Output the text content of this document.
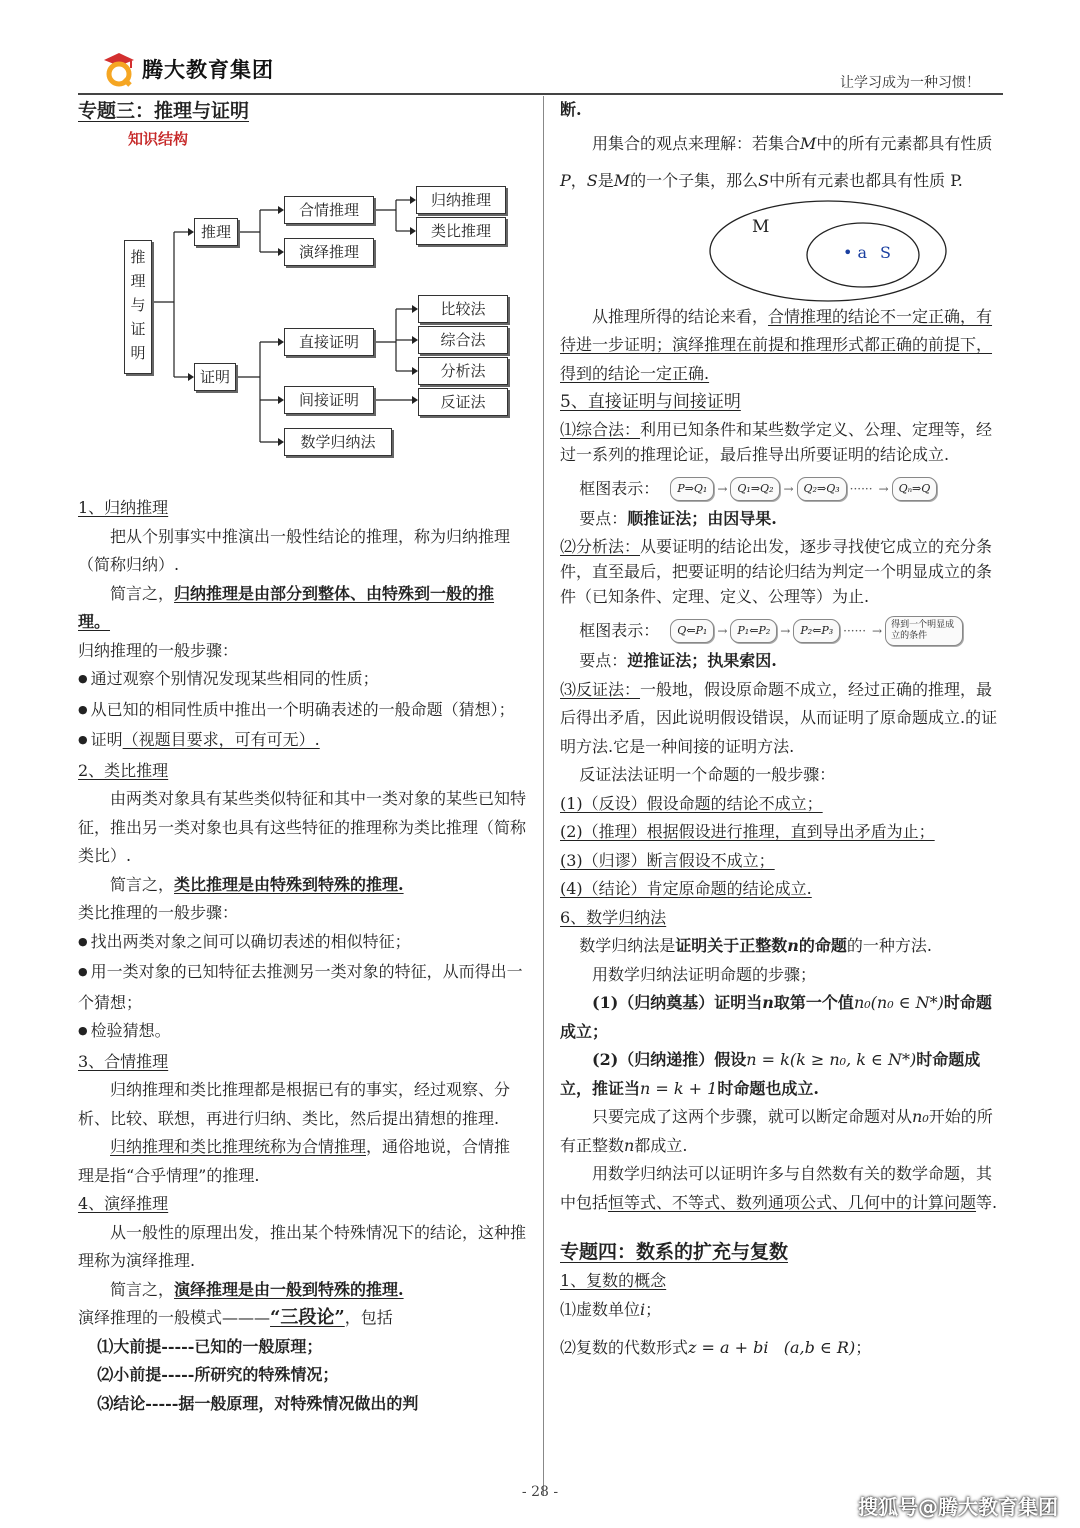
腾大教育集团
让学习成为一种习惯！
专题三：推理与证明
知识结构
推理与证明
推理
合情推理
演绎推理
归纳推理
类比推理
证明
直接证明
间接证明
数学归纳法
比较法
综合法
分析法
反证法

1、归纳推理

把从个别事实中推演出一般性结论的推理，称为归纳推理（简称归纳）.

简言之，归纳推理是由部分到整体、由特殊到一般的推理。

归纳推理的一般步骤：

● 通过观察个别情况发现某些相同的性质；

● 从已知的相同性质中推出一个明确表述的一般命题（猜想）；

● 证明（视题目要求，可有可无）.

2、类比推理

由两类对象具有某些类似特征和其中一类对象的某些已知特征，推出另一类对象也具有这些特征的推理称为类比推理（简称类比）.

简言之，类比推理是由特殊到特殊的推理.

类比推理的一般步骤：

● 找出两类对象之间可以确切表述的相似特征；

● 用一类对象的已知特征去推测另一类对象的特征，从而得出一个猜想；

● 检验猜想。

3、合情推理

归纳推理和类比推理都是根据已有的事实，经过观察、分析、比较、联想，再进行归纳、类比，然后提出猜想的推理.

归纳推理和类比推理统称为合情推理，通俗地说，合情推理是指“合乎情理”的推理.

4、演绎推理

从一般性的原理出发，推出某个特殊情况下的结论，这种推理称为演绎推理.

简言之，演绎推理是由一般到特殊的推理.

演绎推理的一般模式———“三段论”，包括

⑴大前提-----已知的一般原理；

⑵小前提-----所研究的特殊情况；

⑶结论-----据一般原理，对特殊情况做出的判

断.

用集合的观点来理解：若集合M中的所有元素都具有性质P，S是M的一个子集，那么S中所有元素也都具有性质 P.

M
• a S

从推理所得的结论来看，合情推理的结论不一定正确，有待进一步证明；演绎推理在前提和推理形式都正确的前提下，得到的结论一定正确.

5、直接证明与间接证明

⑴综合法：利用已知条件和某些数学定义、公理、定理等，经过一系列的推理论证，最后推导出所要证明的结论成立.

框图表示：	P⇒Q₁ → Q₁⇒Q₂ → Q₂⇒Q₃ ······ → Qₙ⇒Q

要点：顺推证法；由因导果.

⑵分析法：从要证明的结论出发，逐步寻找使它成立的充分条件，直至最后，把要证明的结论归结为判定一个明显成立的条件（已知条件、定理、定义、公理等）为止.

框图表示：	Q⇐P₁ → P₁⇐P₂ → P₂⇐P₃ ······ →	得到一个明显成立的条件

要点：逆推证法；执果索因.

⑶反证法：一般地，假设原命题不成立，经过正确的推理，最后得出矛盾，因此说明假设错误，从而证明了原命题成立.的证明方法.它是一种间接的证明方法.

反证法法证明一个命题的一般步骤：

(1)（反设）假设命题的结论不成立；

(2)（推理）根据假设进行推理，直到导出矛盾为止；

(3)（归谬）断言假设不成立；

(4)（结论）肯定原命题的结论成立.

6、数学归纳法

数学归纳法是证明关于正整数n的命题的一种方法.

用数学归纳法证明命题的步骤；

(1)（归纳奠基）证明当n取第一个值n₀(n₀ ∈ N*)时命题成立；

(2)（归纳递推）假设n = k(k ≥ n₀, k ∈ N*)时命题成立，推证当n = k + 1时命题也成立.

只要完成了这两个步骤，就可以断定命题对从n₀开始的所有正整数n都成立.

用数学归纳法可以证明许多与自然数有关的数学命题，其中包括恒等式、不等式、数列通项公式、几何中的计算问题等.

专题四：数系的扩充与复数

1、复数的概念

⑴虚数单位i；

⑵复数的代数形式z = a + bi (a,b ∈ R)；

- 28 -
搜狐号@腾大教育集团
